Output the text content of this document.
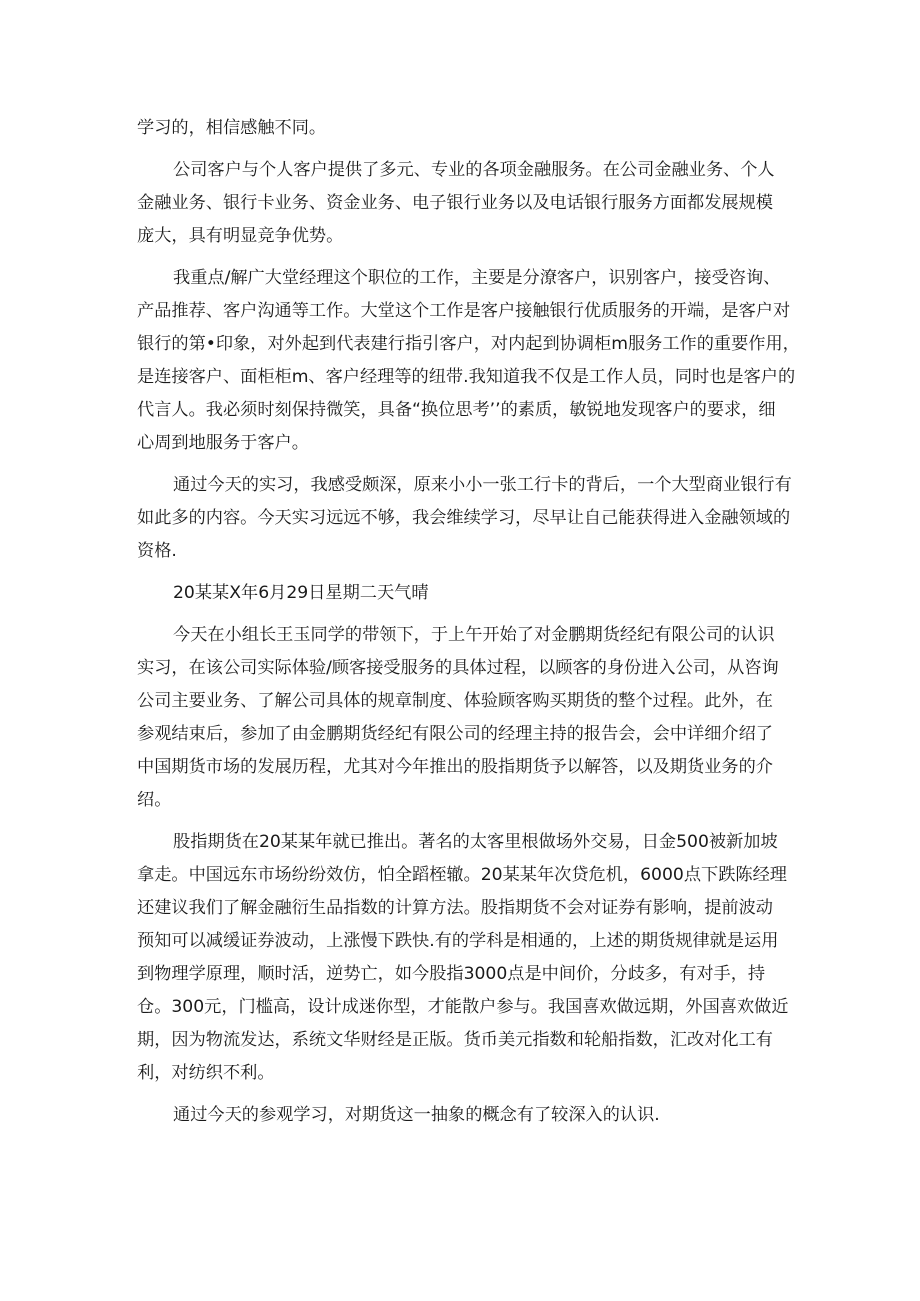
学习的，相信感触不同。
公司客户与个人客户提供了多元、专业的各项金融服务。在公司金融业务、个人
金融业务、银行卡业务、资金业务、电子银行业务以及电话银行服务方面都发展规模
庞大，具有明显竞争优势。
我重点/解广大堂经理这个职位的工作，主要是分潦客户，识别客户，接受咨询、
产品推荐、客户沟通等工作。大堂这个工作是客户接触银行优质服务的开端，是客户对
银行的第•印象，对外起到代表建行指引客户，对内起到协调柜m服务工作的重要作用，
是连接客户、面柜柜m、客户经理等的纽带.我知道我不仅是工作人员，同时也是客户的
代言人。我必须时刻保持微笑，具备“换位思考’’的素质，敏锐地发现客户的要求，细
心周到地服务于客户。
通过今天的实习，我感受颇深，原来小小一张工行卡的背后，一个大型商业银行有
如此多的内容。今天实习远远不够，我会维续学习，尽早让自己能获得进入金融领域的
资格.
20某某X年6月29日星期二天气晴
今天在小组长王玉同学的带领下，于上午开始了对金鹏期货经纪有限公司的认识
实习，在该公司实际体验/顾客接受服务的具体过程，以顾客的身份进入公司，从咨询
公司主要业务、了解公司具体的规章制度、体验顾客购买期货的整个过程。此外，在
参观结束后，参加了由金鹏期货经纪有限公司的经理主持的报告会，会中详细介绍了
中国期货市场的发展历程，尤其对今年推出的股指期货予以解答，以及期货业务的介
绍。
股指期货在20某某年就已推出。著名的太客里根做场外交易，日金500被新加坡
拿走。中国远东市场纷纷效仿，怕全蹈桎辙。20某某年次贷危机，6000点下跌陈经理
还建议我们了解金融衍生品指数的计算方法。股指期货不会对证券有影响，提前波动
预知可以减缓证券波动，上涨慢下跌快.有的学科是相通的，上述的期货规律就是运用
到物理学原理，顺时活，逆势亡，如今股指3000点是中间价，分歧多，有对手，持
仓。300元，门槛高，设计成迷你型，才能散户参与。我国喜欢做远期，外国喜欢做近
期，因为物流发达，系统文华财经是正版。货币美元指数和轮船指数，汇改对化工有
利，对纺织不利。
通过今天的参观学习，对期货这一抽象的概念有了较深入的认识.
